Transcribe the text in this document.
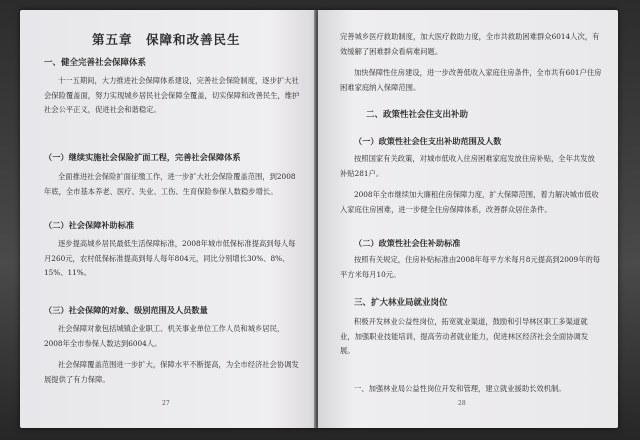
第五章　保障和改善民生
一、健全完善社会保障体系
十一五期间，大力推进社会保障体系建设，完善社会保险制度，逐步扩大社会保险覆盖面，努力实现城乡居民社会保障全覆盖，切实保障和改善民生，维护社会公平正义，促进社会和谐稳定。
（一）继续实施社会保险扩面工程，完善社会保障体系
全面推进社会保险扩面征缴工作，进一步扩大社会保险覆盖范围，到2008年底，全市基本养老、医疗、失业、工伤、生育保险参保人数稳步增长。
（二）社会保障补助标准
逐步提高城乡居民最低生活保障标准，2008年城市低保标准提高到每人每月260元，农村低保标准提高到每人每年804元，同比分别增长30%、8%、15%、11%。
（三）社会保障的对象、级别范围及人员数量
社会保障对象包括城镇企业职工、机关事业单位工作人员和城乡居民，2008年全市参保人数达到6004人。
社会保障覆盖范围进一步扩大，保障水平不断提高，为全市经济社会协调发展提供了有力保障。
27
完善城乡医疗救助制度，加大医疗救助力度，全市共救助困难群众6014人次，有效缓解了困难群众看病难问题。
加快保障性住房建设，进一步改善低收入家庭住房条件，全市共有601户住房困难家庭纳入保障范围。
二、政策性社会住支出补助
（一）政策性社会住支出补助范围及人数
按照国家有关政策，对城市低收入住房困难家庭发放住房补贴，全年共发放补贴281户。
2008年全市继续加大廉租住房保障力度，扩大保障范围，着力解决城市低收入家庭住房困难，进一步健全住房保障体系，改善群众居住条件。
（二）政策性社会住补助标准
按照有关规定，住房补贴标准由2008年每平方米每月8元提高到2009年的每平方米每月10元。
三、扩大林业局就业岗位
积极开发林业公益性岗位，拓宽就业渠道，鼓励和引导林区职工多渠道就业，加强职业技能培训，提高劳动者就业能力，促进林区经济社会全面协调发展。
一、加强林业局公益性岗位开发和管理，建立就业援助长效机制。
28
